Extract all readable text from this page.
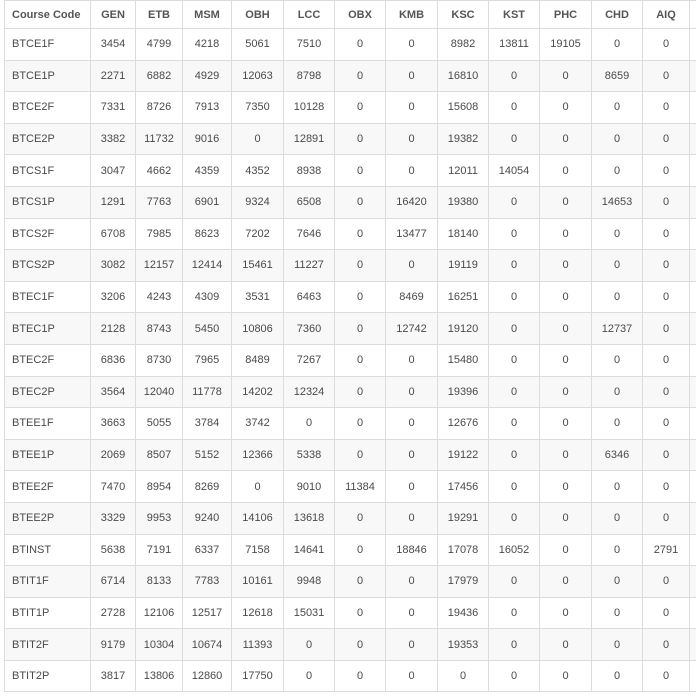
Course Code	GEN	ETB	MSM	OBH	LCC	OBX	KMB	KSC	KST	PHC	CHD	AIQ	
BTCE1F	3454	4799	4218	5061	7510	0	0	8982	13811	19105	0	0	
BTCE1P	2271	6882	4929	12063	8798	0	0	16810	0	0	8659	0	
BTCE2F	7331	8726	7913	7350	10128	0	0	15608	0	0	0	0	
BTCE2P	3382	11732	9016	0	12891	0	0	19382	0	0	0	0	
BTCS1F	3047	4662	4359	4352	8938	0	0	12011	14054	0	0	0	
BTCS1P	1291	7763	6901	9324	6508	0	16420	19380	0	0	14653	0	
BTCS2F	6708	7985	8623	7202	7646	0	13477	18140	0	0	0	0	
BTCS2P	3082	12157	12414	15461	11227	0	0	19119	0	0	0	0	
BTEC1F	3206	4243	4309	3531	6463	0	8469	16251	0	0	0	0	
BTEC1P	2128	8743	5450	10806	7360	0	12742	19120	0	0	12737	0	
BTEC2F	6836	8730	7965	8489	7267	0	0	15480	0	0	0	0	
BTEC2P	3564	12040	11778	14202	12324	0	0	19396	0	0	0	0	
BTEE1F	3663	5055	3784	3742	0	0	0	12676	0	0	0	0	
BTEE1P	2069	8507	5152	12366	5338	0	0	19122	0	0	6346	0	
BTEE2F	7470	8954	8269	0	9010	11384	0	17456	0	0	0	0	
BTEE2P	3329	9953	9240	14106	13618	0	0	19291	0	0	0	0	
BTINST	5638	7191	6337	7158	14641	0	18846	17078	16052	0	0	2791	
BTIT1F	6714	8133	7783	10161	9948	0	0	17979	0	0	0	0	
BTIT1P	2728	12106	12517	12618	15031	0	0	19436	0	0	0	0	
BTIT2F	9179	10304	10674	11393	0	0	0	19353	0	0	0	0	
BTIT2P	3817	13806	12860	17750	0	0	0	0	0	0	0	0	
